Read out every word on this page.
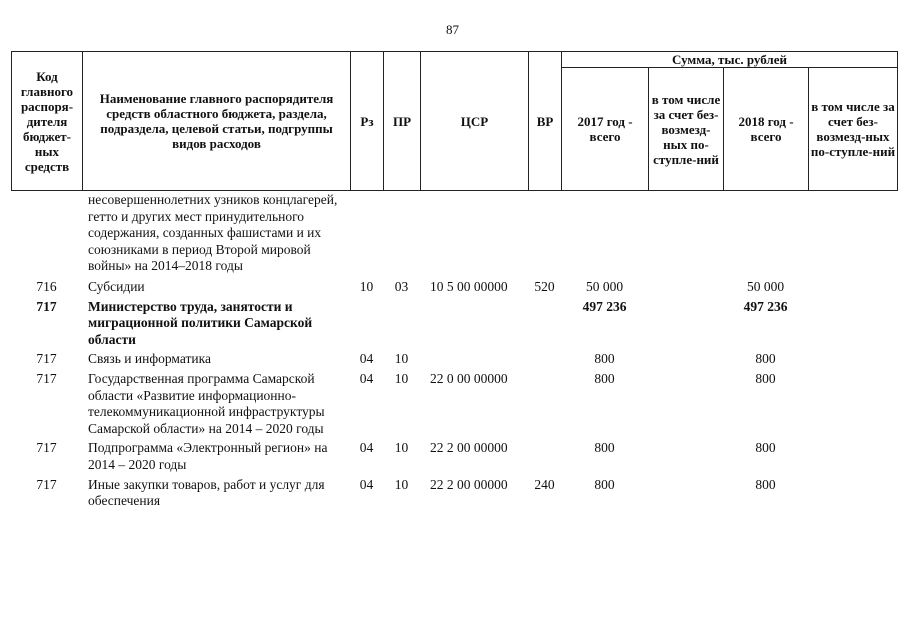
87
Код главного распоря-дителя бюджет-ных средств	Наименование главного распорядителя средств областного бюджета, раздела, подраздела, целевой статьи, подгруппы видов расходов	Рз	ПР	ЦСР	ВР	Сумма, тыс. рублей			
						2017 год - всего	в том числе за счет без-возмезд-ных по-ступле-ний	2018 год - всего	в том числе за счет без-возмезд-ных по-ступле-ний
	несовершеннолетних узников концлагерей, гетто и других мест принудительного содержания, созданных фашистами и их союзниками в период Второй мировой войны» на 2014–2018 годы								
716	Субсидии	10	03	10 5 00 00000	520	50 000		50 000	
717	Министерство труда, занятости и миграционной политики Самарской области					497 236		497 236	
717	Связь и информатика	04	10			800		800	
717	Государственная программа Самарской области «Развитие информационно-телекоммуникационной инфраструктуры Самарской области» на 2014 – 2020 годы	04	10	22 0 00 00000		800		800	
717	Подпрограмма «Электронный регион» на 2014 – 2020 годы	04	10	22 2 00 00000		800		800	
717	Иные закупки товаров, работ и услуг для обеспечения	04	10	22 2 00 00000	240	800		800	
